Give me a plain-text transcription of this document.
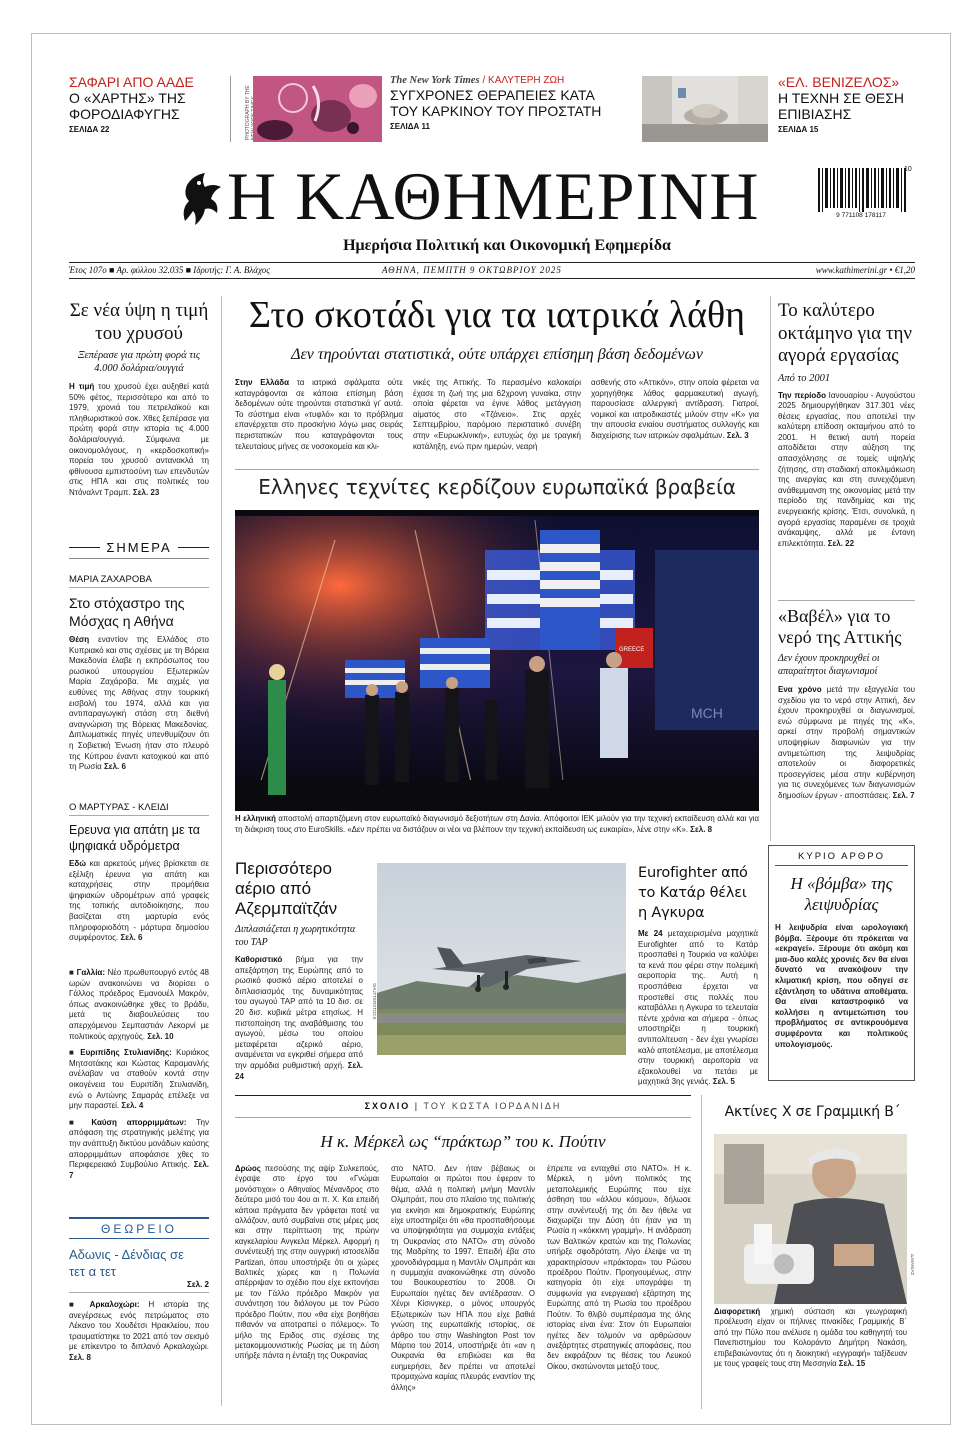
ΣΑΦΑΡΙ ΑΠΟ ΑΑΔΕ
Ο «ΧΑΡΤΗΣ» ΤΗΣ ΦΟΡΟΔΙΑΦΥΓΗΣ
ΣΕΛΙΔΑ 22	PHOTOGRAPH BY THE
The New York Times / ΚΑΛΥΤΕΡΗ ΖΩΗ
ΣΥΓΧΡΟΝΕΣ ΘΕΡΑΠΕΙΕΣ ΚΑΤΑ ΤΟΥ ΚΑΡΚΙΝΟΥ ΤΟΥ ΠΡΟΣΤΑΤΗ
ΣΕΛΙΔΑ 11
«ΕΛ. ΒΕΝΙΖΕΛΟΣ»
Η ΤΕΧΝΗ ΣΕ ΘΕΣΗ ΕΠΙΒΙΑΣΗΣ
ΣΕΛΙΔΑ 15
Η ΚΑΘΗΜΕΡΙΝΗ
Ημερήσια Πολιτική και Οικονομική Εφημερίδα
9 771108 178117
10
Έτος 107ο ■ Αρ. φύλλου 32.035 ■ Ιδρυτής: Γ. Α. Βλάχος	ΑΘΗΝΑ, ΠΕΜΠΤΗ 9 ΟΚΤΩΒΡΙΟΥ 2025	www.kathimerini.gr • €1,20
Σε νέα ύψη η τιμή του χρυσού
Ξεπέρασε για πρώτη φορά τις 4.000 δολάρια/ουγγιά
Η τιμή του χρυσού έχει αυξηθεί κατά 50% φέτος, περισσότερο και από το 1979, χρονιά του πετρελαϊκού και πληθωριστικού σοκ. Χθες ξεπέρασε για πρώτη φορά στην ιστορία τις 4.000 δολάρια/ουγγιά. Σύμφωνα με οικονομολόγους, η «κερδοσκοπική» πορεία του χρυσού αντανακλά τη φθίνουσα εμπιστοσύνη των επενδυτών στις ΗΠΑ και στις πολιτικές του Ντόναλντ Τραμπ. Σελ. 23
ΣΗΜΕΡΑ
ΜΑΡΙΑ ΖΑΧΑΡΟΒΑ
Στο στόχαστρο της Μόσχας η Αθήνα
Θέση εναντίον της Ελλάδος στο Κυπριακό και στις σχέσεις με τη Βόρεια Μακεδονία έλαβε η εκπρόσωπος του ρωσικού υπουργείου Εξωτερικών Μαρία Ζαχάροβα. Με αιχμές για ευθύνες της Αθήνας στην τουρκική εισβολή του 1974, αλλά και για αντιπαραγωγική στάση στη διεθνή αναγνώριση της Βόρειας Μακεδονίας. Διπλωματικές πηγές υπενθυμίζουν ότι η Σοβιετική Ένωση ήταν στο πλευρό της Κύπρου έναντι κατοχικού και από τη Ρωσία Σελ. 6
Ο ΜΑΡΤΥΡΑΣ - ΚΛΕΙΔΙ
Ερευνα για απάτη με τα ψηφιακά υδρόμετρα
Εδώ και αρκετούς μήνες βρίσκεται σε εξέλιξη έρευνα για απάτη και καταχρήσεις στην προμήθεια ψηφιακών υδρομέτρων από γραφείς της τοπικής αυτοδιοίκησης, που βασίζεται στη μαρτυρία ενός πληροφοριοδότη - μάρτυρα δημοσίου συμφέροντος. Σελ. 6
■ Γαλλία: Νέο πρωθυπουργό εντός 48 ωρών ανακοινώνει να διορίσει ο Γάλλος πρόεδρος Εμανουέλ Μακρόν, όπως ανακοινώθηκε χθες το βράδυ, μετά τις διαβουλεύσεις του απερχόμενου Σεμπαστιάν Λεκορνί με πολιτικούς αρχηγούς. Σελ. 10
■ Ευριπίδης Στυλιανίδης: Κυριάκος Μητσοτάκης και Κώστας Καραμανλής ανέλαβαν να σταθούν κοντά στην οικογένεια του Ευριπίδη Στυλιανίδη, ενώ ο Αντώνης Σαμαράς επέλεξε να μην παραστεί. Σελ. 4
■ Καύση απορριμμάτων: Την απόφαση της στρατηγικής μελέτης για την ανάπτυξη δικτύου μονάδων καύσης απορριμμάτων αποφάσισε χθες το Περιφερειακό Συμβούλιο Αττικής. Σελ. 7
ΘΕΩΡΕΙΟ
Αδωνις - Δένδιας σε τετ α τετ
Σελ. 2
■ Αρκαλοχώρι: Η ιστορία της ανεγέρσεως ενός πετρώματος στο Λέκανο του Χουδέτσι Ηρακλείου, που τραυματίστηκε το 2021 από τον σεισμό με επίκεντρο το διπλανό Αρκαλοχώρι. Σελ. 8
Στο σκοτάδι για τα ιατρικά λάθη
Δεν τηρούνται στατιστικά, ούτε υπάρχει επίσημη βάση δεδομένων
Στην Ελλάδα τα ιατρικά σφάλματα ούτε καταγράφονται σε κάποια επίσημη βάση δεδομένων ούτε τηρούνται στατιστικά γι' αυτά. Το σύστημα είναι «τυφλό» και το πρόβλημα επανέρχεται στο προσκήνιο λόγω μιας σειράς περιστατικών που καταγράφονται τους τελευταίους μήνες σε νοσοκομεία και κλι-
νικές της Αττικής. Το περασμένο καλοκαίρι έχασε τη ζωή της μια 62χρονη γυναίκα, στην οποία φέρεται να έγινε λάθος μετάγγιση αίματος στο «Τζάνειο». Στις αρχές Σεπτεμβρίου, παρόμοιο περιστατικό συνέβη στην «Ευρωκλινική», ευτυχώς όχι με τραγική κατάληξη, ενώ πριν ημερών, νεαρή
ασθενής στο «Αττικόν», στην οποία φέρεται να χορηγήθηκε λάθος φαρμακευτική αγωγή, παρουσίασε αλλεργική αντίδραση. Γιατροί, νομικοί και ιατροδικαστές μιλούν στην «Κ» για την απουσία ενιαίου συστήματος συλλογής και διαχείρισης των ιατρικών σφαλμάτων. Σελ. 3
Ελληνες τεχνίτες κερδίζουν ευρωπαϊκά βραβεία
MCH
GREECE
Η ελληνική αποστολή απαρτιζόμενη στον ευρωπαϊκό διαγωνισμό δεξιοτήτων στη Δανία. Απόφοιτοι ΙΕΚ μιλούν για την τεχνική εκπαίδευση αλλά και για τη διάκριση τους στο EuroSkills. «Δεν πρέπει να διστάζουν οι νέοι να βλέπουν την τεχνική εκπαίδευση ως ευκαιρία», λένε στην «Κ». Σελ. 8
Το καλύτερο οκτάμηνο για την αγορά εργασίας
Από το 2001
Την περίοδο Ιανουαρίου - Αυγούστου 2025 δημιουργήθηκαν 317.301 νέες θέσεις εργασίας, που αποτελεί την καλύτερη επίδοση οκταμήνου από το 2001. Η θετική αυτή πορεία αποδίδεται στην αύξηση της απασχόλησης σε τομείς υψηλής ζήτησης, στη σταδιακή αποκλιμάκωση της ανεργίας και στη συνεχιζόμενη ανάθεμμανση της οικονομίας μετά την περίοδο της πανδημίας και της ενεργειακής κρίσης. Έτσι, συνολικά, η αγορά εργασίας παραμένει σε τροχιά ανάκαμψης, αλλά με έντονη επιλεκτότητα. Σελ. 22
«Βαβέλ» για το νερό της Αττικής
Δεν έχουν προκηρυχθεί οι απαραίτητοι διαγωνισμοί
Ενα χρόνο μετά την εξαγγελία του σχεδίου για το νερό στην Αττική, δεν έχουν προκηρυχθεί οι διαγωνισμοί, ενώ σύμφωνα με πηγές της «Κ», αρκεί στην προβολή σημαντικών υποψηφίων διαφωνιών για την αντιμετώπιση της λειψυδρίας αποτελούν οι διαφορετικές προσεγγίσεις μέσα στην κυβέρνηση για τις συνεχόμενες των διαγωνισμών δημοσίων έργων - αποσπάσεις. Σελ. 7
ΚΥΡΙΟ ΑΡΘΡΟ
Η «βόμβα» της λειψυδρίας
Η λειψυδρία είναι ωρολογιακή βόμβα. Ξέρουμε ότι πρόκειται να «εκραγεί». Ξέρουμε ότι ακόμη και μια-δυο καλές χρονιές δεν θα είναι δυνατό να ανακόψουν την κλιματική κρίση, που οδηγεί σε εξάντληση το υδάτινα αποθέματα. Θα είναι καταστροφικό να κολλήσει η αντιμετώπιση του προβλήματος σε αντικρουόμενα συμφέροντα και πολιτικούς υπολογισμούς.
Περισσότερο αέριο από Αζερμπαϊτζάν
Διπλασιάζεται η χωρητικότητα του TAP
Καθοριστικό βήμα για την απεξάρτηση της Ευρώπης από το ρωσικό φυσικό αέριο αποτελεί ο διπλασιασμός της δυναμικότητας του αγωγού TAP από τα 10 δισ. σε 20 δισ. κυβικά μέτρα ετησίως. Η πιστοποίηση της αναβάθμισης του αγωγού, μέσω του οποίου μεταφέρεται αζερικό αέριο, αναμένεται να εγκριθεί σήμερα από την αρμόδια ρυθμιστική αρχή. Σελ. 24
SHUTTERSTOCK
Eurofighter από το Κατάρ θέλει η Αγκυρα
Με 24 μεταχειρισμένα μαχητικά Eurofighter από το Κατάρ προσπαθεί η Τουρκία να καλύψει τα κενά που φέρει στην πολεμική αεροπορία της. Αυτή η προσπάθεια έρχεται να προστεθεί στις πολλές που καταβάλλει η Αγκυρα το τελευταία πέντε χρόνια και σήμερα - όπως υποστηρίζει η τουρκική αντιπολίτευση - δεν έχει γνωρίσει καλό αποτέλεσμα, με αποτέλεσμα στην τουρκική αεροπορία να εξακολουθεί να πετάει με μαχητικά 3ης γενιάς. Σελ. 5
ΣΧΟΛΙΟ | ΤΟΥ ΚΩΣΤΑ ΙΟΡΔΑΝΙΔΗ
Η κ. Μέρκελ ως “πράκτωρ” του κ. Πούτιν
Δρώος πεσούσης της αψίρ Συλκεπούς, έγραψε στο έργο του «Γνώμαι μονόστιχοι» ο Αθηναίος Μένανδρος στο δεύτερο μισό του 4ου αι π. Χ. Και επειδή κάποια πράγματα δεν γράφεται ποτέ να αλλάζουν, αυτό συμβαίνει στις μέρες μας και στην περίπτωση της πρώην καγκελαρίου Ανγκελα Μέρκελ. Αφορμή η συνέντευξή της στην ουγγρική ιστοσελίδα Partizan, όπου υποστήριξε ότι οι χώρες Βαλτικές χώρες και η Πολωνία απέρριψαν το σχέδιο που είχε εκπονήσει με τον Γάλλο πρόεδρο Μακρόν για συνάντηση του διάλογου με τον Ρώσο πρόεδρο Πούτιν, που «θα είχε βοηθήσει πιθανόν να αποτραπεί ο πόλεμος». Το μήλο της Εριδος στις σχέσεις της μετακομμουνιστικής Ρωσίας με τη Δύση υπήρξε πάντα η ένταξη της Ουκρανίας
στο ΝΑΤΟ. Δεν ήταν βέβαιως οι Ευρωπαίοι οι πρώτοι που έφεραν το θέμα, αλλά η πολιτική μνήμη Μαντλίν Ολμπράιτ, που στο πλαίσιο της πολιτικής για εκνίησι και δημοκρατικής Ευρώπης είχε υποστηρίξει ότι «θα προσπαθήσουμε να υποψηφιότητα για συμμαχία εντάξεις τη Ουκρανίας στο ΝΑΤΟ» στη σύνοδο της Μαδρίτης το 1997. Επειδή έβα στο χρονοδιάγραμμα η Μαντλίν Ολμπράιτ και η συμμαχία ανακοινώθηκε στη σύνοδο του Βουκουρεστίου το 2008. Οι Ευρωπαίοι ηγέτες δεν αντέδρασαν. Ο Χένρι Κίσινγκερ, ο μόνος υπουργός Εξωτερικών των ΗΠΑ που είχε βαθιά γνώση της ευρωπαϊκής ιστορίας, σε άρθρο του στην Washington Post τον Μάρτιο του 2014, υποστήριξε ότι «αν η Ουκρανία θα επιβιώσει και θα ευημερήσει, δεν πρέπει να αποτελεί προμαχώνα καμίας πλευράς εναντίον της άλλης»
έπρεπε να ενταχθεί στο ΝΑΤΟ». Η κ. Μέρκελ, η μόνη πολιτικός της μεταπολεμικής Ευρώπης που είχε άσθηση του «άλλου κόσμου», δήλωσε στην συνέντευξή της ότι δεν ήθελε να διαχωρίζει την Δύση ότι ήταν για τη Ρωσία η «κόκκινη γραμμή». Η ανάδραση των Βαλτικών κρατών και της Πολωνίας υπήρξε σφοδρότατη. Λίγο έλειψε να τη χαρακτηρίσουν «πράκτορα» του Ρώσου προέδρου Πούτιν. Προηγουμένως, στην κατηγορία ότι είχε υπογράψει τη συμφωνία για ενεργειακή εξάρτηση της Ευρώπης από τη Ρωσία του προέδρου Πούτιν. Το θλιβό συμπέρασμα της όλης ιστορίας είναι ένα: Στον ότι Ευρωπαίοι ηγέτες δεν τολμούν να αρθρώσουν ανεξάρτητες στρατηγικές αποφάσεις, που δεν εκφράζουν τις θέσεις του Λευκού Οίκου, σκοτώνονται μεταξύ τους.
Ακτίνες Χ σε Γραμμική Β΄
Δ.ΜΑΝΙΑΣ
Διαφορετική χημική σύσταση και γεωγραφική προέλευση είχαν οι πήλινες πινακίδες Γραμμικής Β΄ από την Πύλο που ανέλυσε η ομάδα του καθηγητή του Πανεπιστημίου του Κολοράντο Δημήτρη Νακάση, επιβεβαιώνοντας ότι η διοικητική «εγγραφή» ταξίδευαν με τους γραφείς τους στη Μεσσηνία Σελ. 15
